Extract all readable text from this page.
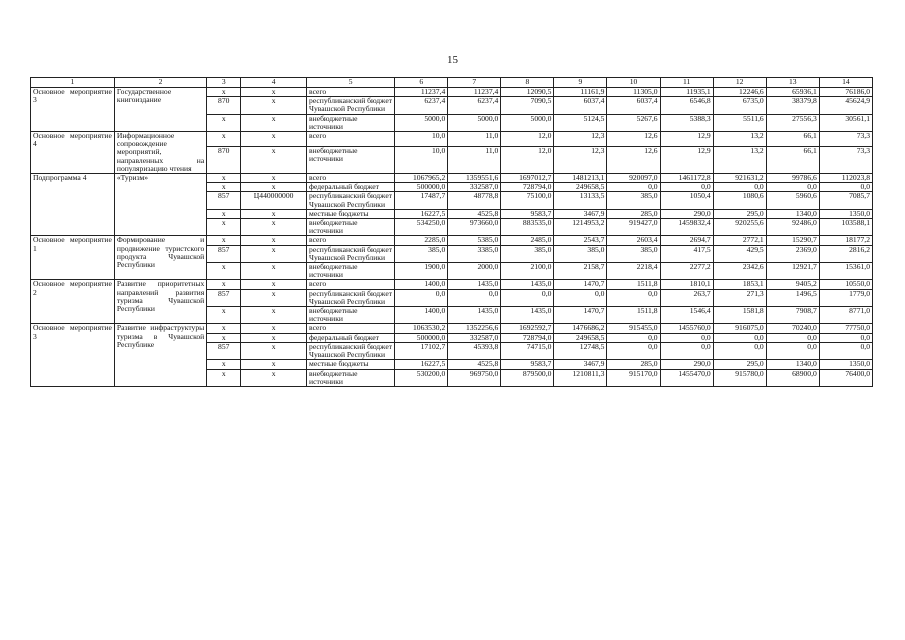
15
1	2	3	4	5	6	7	8	9	10	11	12	13	14
Основное мероприятие 3	Государственное книгоиздание	х	х	всего	11237,4	11237,4	12090,5	11161,9	11305,0	11935,1	12246,6	65936,1	76186,0
		870	х	республиканский бюджет Чувашской Республики	6237,4	6237,4	7090,5	6037,4	6037,4	6546,8	6735,0	38379,8	45624,9
		х	х	внебюджетные источники	5000,0	5000,0	5000,0	5124,5	5267,6	5388,3	5511,6	27556,3	30561,1
Основное мероприятие 4	Информационное сопровождение мероприятий, направленных на популяризацию чтения	х	х	всего	10,0	11,0	12,0	12,3	12,6	12,9	13,2	66,1	73,3
		870	х	внебюджетные источники	10,0	11,0	12,0	12,3	12,6	12,9	13,2	66,1	73,3
Подпрограмма 4	«Туризм»	х	х	всего	1067965,2	1359551,6	1697012,7	1481213,1	920097,0	1461172,8	921631,2	99786,6	112023,8
		х	х	федеральный бюджет	500000,0	332587,0	728794,0	249658,5	0,0	0,0	0,0	0,0	0,0
		857	Ц440000000	республиканский бюджет Чувашской Республики	17487,7	48778,8	75100,0	13133,5	385,0	1050,4	1080,6	5960,6	7085,7
		х	х	местные бюджеты	16227,5	4525,8	9583,7	3467,9	285,0	290,0	295,0	1340,0	1350,0
		х	х	внебюджетные источники	534250,0	973660,0	883535,0	1214953,2	919427,0	1459832,4	920255,6	92486,0	103588,1
Основное мероприятие 1	Формирование и продвижение туристского продукта Чувашской Республики	х	х	всего	2285,0	5385,0	2485,0	2543,7	2603,4	2694,7	2772,1	15290,7	18177,2
		857	х	республиканский бюджет Чувашской Республики	385,0	3385,0	385,0	385,0	385,0	417,5	429,5	2369,0	2816,2
		х	х	внебюджетные источники	1900,0	2000,0	2100,0	2158,7	2218,4	2277,2	2342,6	12921,7	15361,0
Основное мероприятие 2	Развитие приоритетных направлений развития туризма Чувашской Республики	х	х	всего	1400,0	1435,0	1435,0	1470,7	1511,8	1810,1	1853,1	9405,2	10550,0
		857	х	республиканский бюджет Чувашской Республики	0,0	0,0	0,0	0,0	0,0	263,7	271,3	1496,5	1779,0
		х	х	внебюджетные источники	1400,0	1435,0	1435,0	1470,7	1511,8	1546,4	1581,8	7908,7	8771,0
Основное мероприятие 3	Развитие инфраструктуры туризма в Чувашской Республике	х	х	всего	1063530,2	1352256,6	1692592,7	1476686,2	915455,0	1455760,0	916075,0	70240,0	77750,0
		х	х	федеральный бюджет	500000,0	332587,0	728794,0	249658,5	0,0	0,0	0,0	0,0	0,0
		857	х	республиканский бюджет Чувашской Республики	17102,7	45393,8	74715,0	12748,5	0,0	0,0	0,0	0,0	0,0
		х	х	местные бюджеты	16227,5	4525,8	9583,7	3467,9	285,0	290,0	295,0	1340,0	1350,0
		х	х	внебюджетные источники	530200,0	969750,0	879500,0	1210811,3	915170,0	1455470,0	915780,0	68900,0	76400,0
